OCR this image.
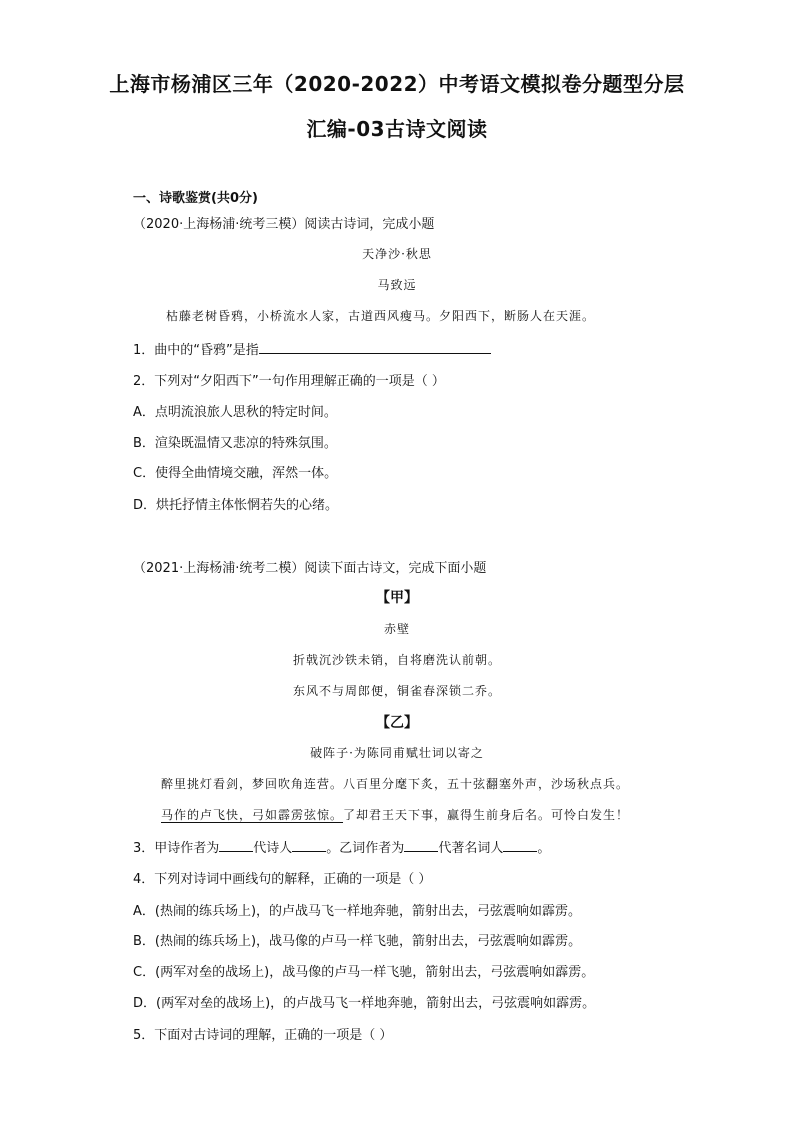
上海市杨浦区三年（2020-2022）中考语文模拟卷分题型分层
汇编-03古诗文阅读
一、诗歌鉴赏(共0分)
（2020·上海杨浦·统考三模）阅读古诗词，完成小题
天净沙·秋思
马致远
枯藤老树昏鸦，小桥流水人家，古道西风瘦马。夕阳西下，断肠人在天涯。
1．曲中的“昏鸦”是指
2．下列对“夕阳西下”一句作用理解正确的一项是（ ）
A．点明流浪旅人思秋的特定时间。
B．渲染既温情又悲凉的特殊氛围。
C．使得全曲情境交融，浑然一体。
D．烘托抒情主体怅惘若失的心绪。
（2021·上海杨浦·统考二模）阅读下面古诗文，完成下面小题
【甲】
赤壁
折戟沉沙铁未销，自将磨洗认前朝。
东风不与周郎便，铜雀春深锁二乔。
【乙】
破阵子·为陈同甫赋壮词以寄之
醉里挑灯看剑，梦回吹角连营。八百里分麾下炙，五十弦翻塞外声，沙场秋点兵。
马作的卢飞快，弓如霹雳弦惊。了却君王天下事，赢得生前身后名。可怜白发生！
3．甲诗作者为	代诗人	。乙词作者为	代著名词人	。
4．下列对诗词中画线句的解释，正确的一项是（ ）
A．(热闹的练兵场上)，的卢战马飞一样地奔驰，箭射出去，弓弦震响如霹雳。
B．(热闹的练兵场上)，战马像的卢马一样飞驰，箭射出去，弓弦震响如霹雳。
C．(两军对垒的战场上)，战马像的卢马一样飞驰，箭射出去，弓弦震响如霹雳。
D．(两军对垒的战场上)，的卢战马飞一样地奔驰，箭射出去，弓弦震响如霹雳。
5．下面对古诗词的理解，正确的一项是（ ）
